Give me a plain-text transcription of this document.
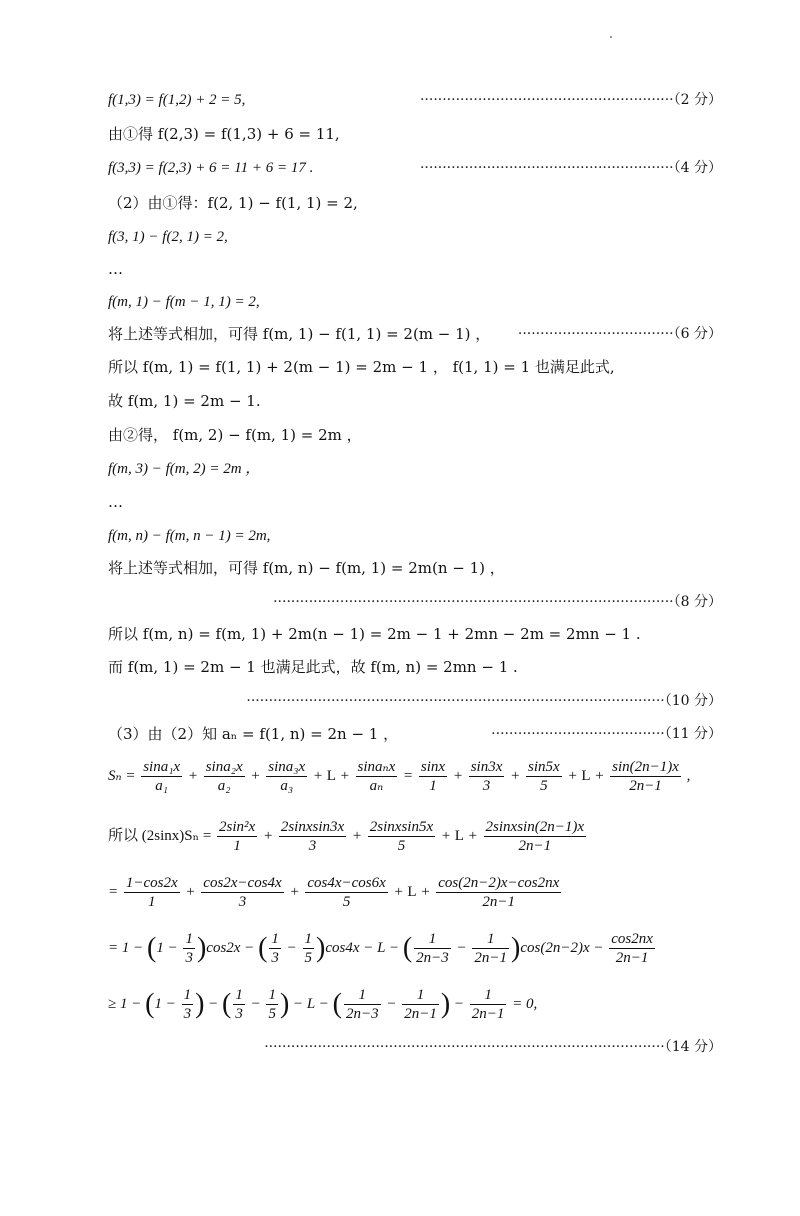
f(1,3) = f(1,2) + 2 = 5,	·························································（2 分）
由①得 f(2,3) = f(1,3) + 6 = 11,
f(3,3) = f(2,3) + 6 = 11 + 6 = 17 .	·························································（4 分）
（2）由①得：f(2, 1) − f(1, 1) = 2,
f(3, 1) − f(2, 1) = 2,
…
f(m, 1) − f(m − 1, 1) = 2,
将上述等式相加，可得 f(m, 1) − f(1, 1) = 2(m − 1) ， ···································（6 分）
所以 f(m, 1) = f(1, 1) + 2(m − 1) = 2m − 1 ， f(1, 1) = 1 也满足此式,
故 f(m, 1) = 2m − 1.
由②得， f(m, 2) − f(m, 1) = 2m ，
f(m, 3) − f(m, 2) = 2m ，
…
f(m, n) − f(m, n − 1) = 2m,
将上述等式相加，可得 f(m, n) − f(m, 1) = 2m(n − 1) ，
··························································································（8 分）
所以 f(m, n) = f(m, 1) + 2m(n − 1) = 2m − 1 + 2mn − 2m = 2mn − 1 .
而 f(m, 1) = 2m − 1 也满足此式，故 f(m, n) = 2mn − 1 .
······························································································（10 分）
（3）由（2）知 aₙ = f(1, n) = 2n − 1 ，	·······································（11 分）
$S_n = \frac{\text{sina₁x}}{\text{a₁}} + \frac{\text{sina₂x}}{\text{a₂}} + \frac{\text{sina₃x}}{\text{a₃}} + L + \frac{\text{sinaₙx}}{\text{aₙ}} = \frac{\sin x}{1} + \frac{\sin 3x}{3} + \frac{\sin 5x}{5} + L + \frac{\sin(2n-1)x}{2n-1}$ ,
所以 $(2\sin x)S_n = \frac{\text{2sin²x}}{1} + \frac{\text{2sinxsin3x}}{3} + \frac{\text{2sinxsin5x}}{5} + L + \frac{\text{2sinxsin(2n−1)x}}{2n-1}$
= $\frac{1-\cos 2x}{1} + \frac{\cos 2x-\cos 4x}{3} + \frac{\cos 4x-\cos 6x}{5} + L + \frac{\cos(2n-2)x-\cos 2nx}{2n-1}$
= $1 - (1 - \frac{1}{3} )\cos 2x$ − ( $\frac{1}{3} - \frac{1}{5} )\cos 4x - L$ − ( $\frac{1}{2n-3} - \frac{1}{2n-1} )\cos(2n-2)x - \frac{\cos 2nx}{2n-1}$
≥ $1 - (1 - \frac{1}{3}$ ) − ( $\frac{1}{3} - \frac{1}{5}$ ) − L − ( $\frac{1}{2n-3} - \frac{1}{2n-1}$ ) − $\frac{1}{2n-1} = 0$,
··························································································（14 分）
